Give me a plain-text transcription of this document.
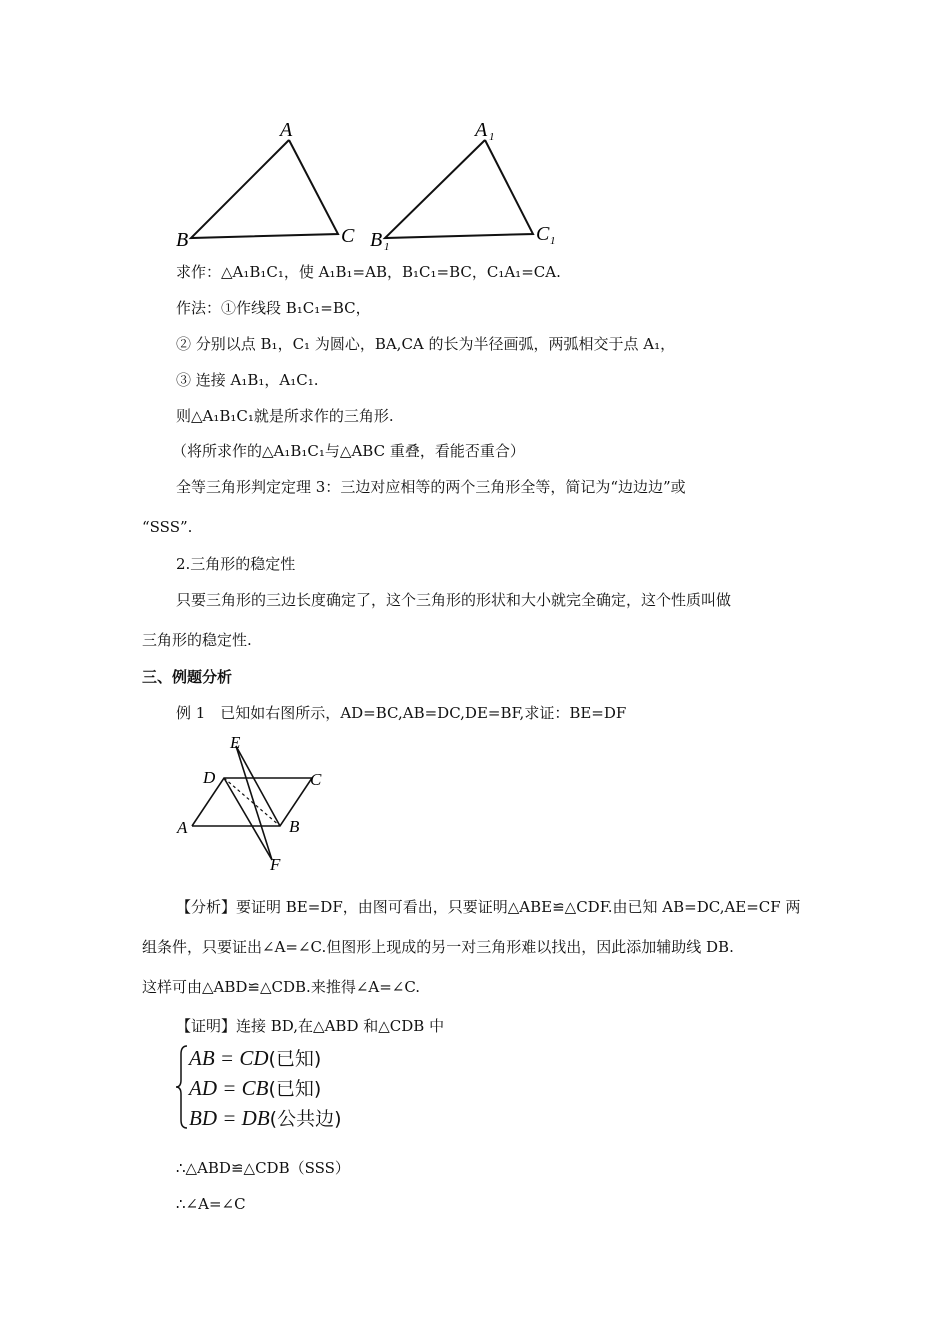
A
B	C
A 1
B 1
C 1
求作：△A₁B₁C₁，使 A₁B₁=AB，B₁C₁=BC，C₁A₁=CA.
作法：①作线段 B₁C₁=BC，
② 分别以点 B₁，C₁ 为圆心，BA,CA 的长为半径画弧，两弧相交于点 A₁，
③ 连接 A₁B₁，A₁C₁.
则△A₁B₁C₁就是所求作的三角形.
（将所求作的△A₁B₁C₁与△ABC 重叠，看能否重合）
全等三角形判定定理 3：三边对应相等的两个三角形全等，简记为“边边边”或
“SSS”.
2.三角形的稳定性
只要三角形的三边长度确定了，这个三角形的形状和大小就完全确定，这个性质叫做
三角形的稳定性.
三、例题分析
例 1　已知如右图所示，AD=BC,AB=DC,DE=BF,求证：BE=DF
E
D	C
A	B
F
【分析】要证明 BE=DF，由图可看出，只要证明△ABE≌△CDF.由已知 AB=DC,AE=CF 两
组条件，只要证出∠A=∠C.但图形上现成的另一对三角形难以找出，因此添加辅助线 DB.
这样可由△ABD≌△CDB.来推得∠A=∠C.
【证明】连接 BD,在△ABD 和△CDB 中
AB = CD(已知)
AD = CB(已知)
BD = DB(公共边)
∴△ABD≌△CDB（SSS）
∴∠A=∠C
